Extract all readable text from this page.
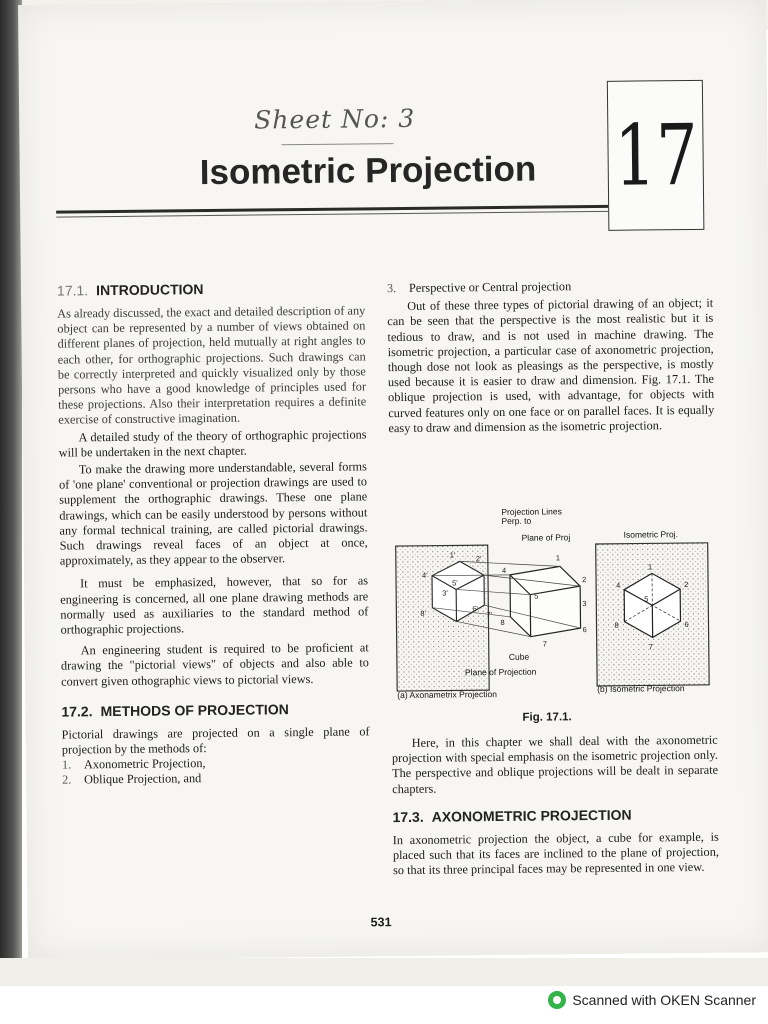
Sheet No: 3
Isometric Projection 17
17.1. INTRODUCTION

As already discussed, the exact and detailed description of any object can be represented by a number of views obtained on different planes of projection, held mutually at right angles to each other, for orthographic projections. Such drawings can be correctly interpreted and quickly visualized only by those persons who have a good knowledge of principles used for these projections. Also their interpretation requires a definite exercise of constructive imagination.

A detailed study of the theory of orthographic projections will be undertaken in the next chapter.

To make the drawing more understandable, several forms of 'one plane' conventional or projection drawings are used to supplement the orthographic drawings. These one plane drawings, which can be easily understood by persons without any formal technical training, are called pictorial drawings. Such drawings reveal faces of an object at once, approximately, as they appear to the observer.

It must be emphasized, however, that so for as engineering is concerned, all one plane drawing methods are normally used as auxiliaries to the standard method of orthographic projections.

An engineering student is required to be proficient at drawing the "pictorial views" of objects and also able to convert given othographic views to pictorial views.

17.2. METHODS OF PROJECTION

Pictorial drawings are projected on a single plane of projection by the methods of:

1.	Axonometric Projection,
2.	Oblique Projection, and
3.	Perspective or Central projection

Out of these three types of pictorial drawing of an object; it can be seen that the perspective is the most realistic but it is tedious to draw, and is not used in machine drawing. The isometric projection, a particular case of axonometric projection, though dose not look as pleasings as the perspective, is mostly used because it is easier to draw and dimension. Fig. 17.1. The oblique projection is used, with advantage, for objects with curved features only on one face or on parallel faces. It is equally easy to draw and dimension as the isometric projection.

Projection Lines
Perp. to
Plane of Proj	Isometric Proj.
Cube
Plane of Projection
(a) Axonametrix Projection
(b) Isometric Projection
1'	2'
3'
4'
5'
6'
7'
8'
1
2
3
4
5
6
7
8
1
2
4
5
6
7
8
Fig. 17.1.

Here, in this chapter we shall deal with the axonometric projection with special emphasis on the isometric projection only. The perspective and oblique projections will be dealt in separate chapters.

17.3. AXONOMETRIC PROJECTION

In axonometric projection the object, a cube for example, is placed such that its faces are inclined to the plane of projection, so that its three principal faces may be represented in one view.

531
Scanned with OKEN Scanner
